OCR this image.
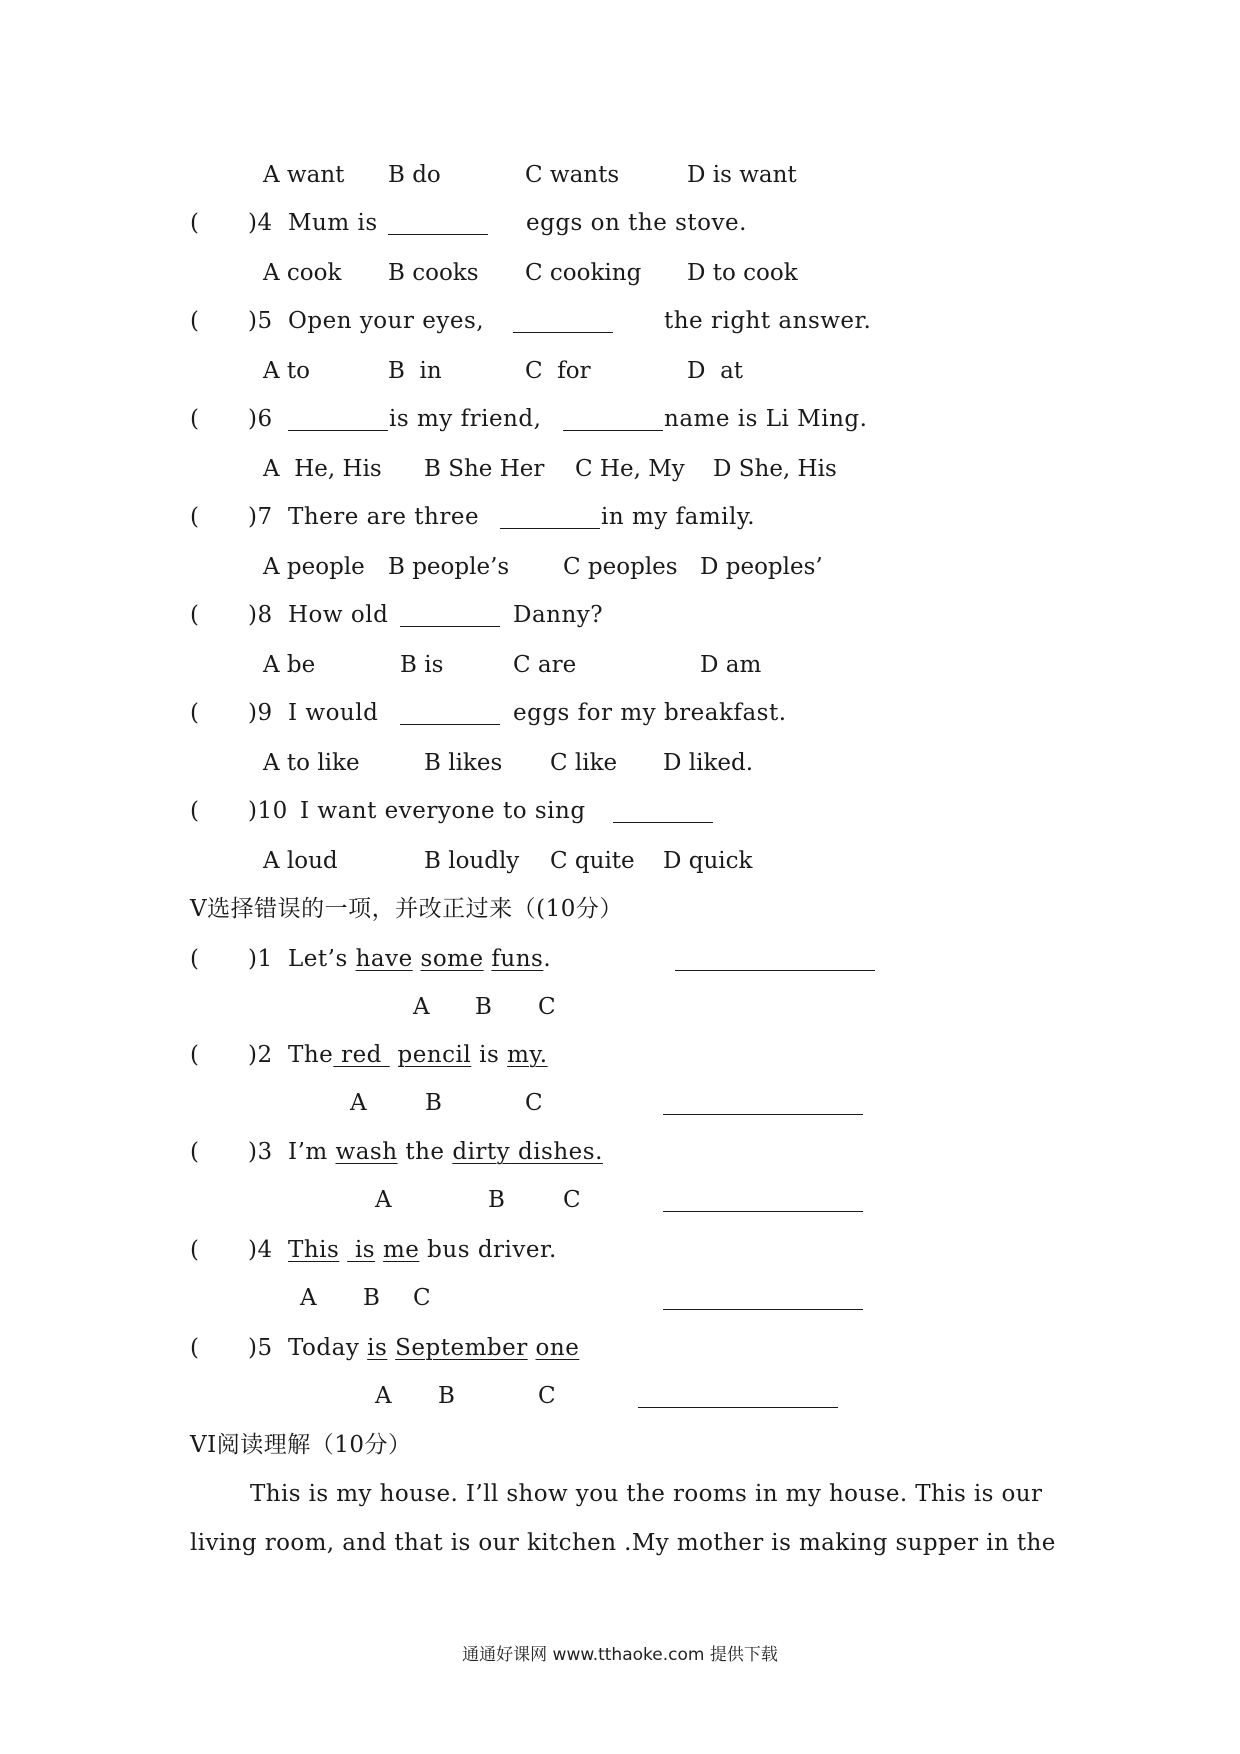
A want B do	C wants	D is want
( )4 Mum is	eggs on the stove.
A cook B cooks C cooking D to cook
( )5 Open your eyes,	the right answer.
A to	B  in	C  for	D  at
( )6	is my friend,	name is Li Ming.
A  He, His B She Her C He, My D She, His
( )7 There are three	in my family.
A people B people’s C peoples D peoples’
( )8 How old	Danny?
A be	B is	C are	D am
( )9 I would	eggs for my breakfast.
A to like	B likes C like D liked.
( )10 I want everyone to sing
A loud	B loudly C quite D quick
V选择错误的一项，并改正过来（(10分）
( )1 Let’s have some funs.
A B C
( )2 The red  pencil is my.
A	B	C
( )3 I’m wash the dirty dishes.
A	B	C
( )4 This  is me bus driver.
A B C
( )5 Today is September one
A B	C
VI阅读理解（10分）
This is my house. I’ll show you the rooms in my house. This is our
living room, and that is our kitchen .My mother is making supper in the
通通好课网 www.tthaoke.com 提供下载
